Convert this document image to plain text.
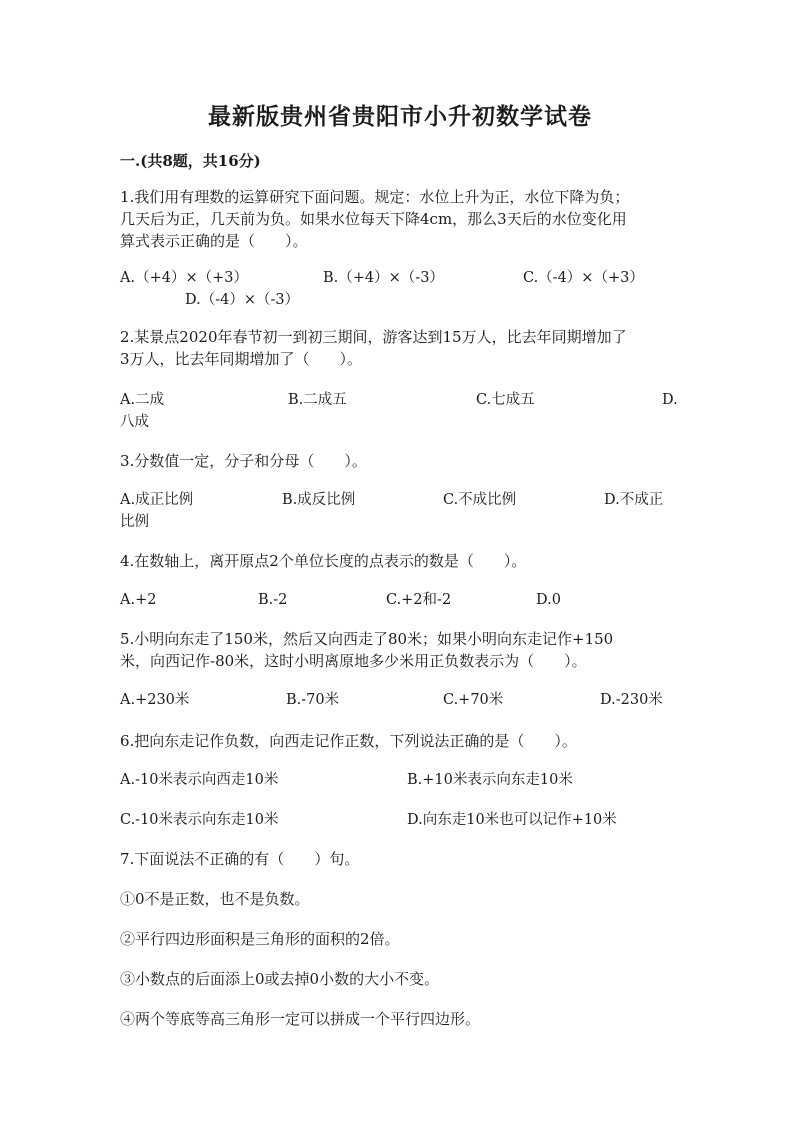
最新版贵州省贵阳市小升初数学试卷
一.(共8题，共16分)
1.我们用有理数的运算研究下面问题。规定：水位上升为正，水位下降为负；
几天后为正，几天前为负。如果水位每天下降4cm，那么3天后的水位变化用
算式表示正确的是（　　）。
A.（+4）×（+3）	B.（+4）×（-3）	C.（-4）×（+3）
D.（-4）×（-3）
2.某景点2020年春节初一到初三期间，游客达到15万人，比去年同期增加了
3万人，比去年同期增加了（　　）。
A.二成	B.二成五	C.七成五	D.
八成
3.分数值一定，分子和分母（　　）。
A.成正比例	B.成反比例	C.不成比例	D.不成正
比例
4.在数轴上，离开原点2个单位长度的点表示的数是（　　）。
A.+2	B.-2	C.+2和-2	D.0
5.小明向东走了150米，然后又向西走了80米；如果小明向东走记作+150
米，向西记作-80米，这时小明离原地多少米用正负数表示为（　　）。
A.+230米	B.-70米	C.+70米	D.-230米
6.把向东走记作负数，向西走记作正数，下列说法正确的是（　　）。
A.-10米表示向西走10米	B.+10米表示向东走10米
C.-10米表示向东走10米	D.向东走10米也可以记作+10米
7.下面说法不正确的有（　　）句。
①0不是正数，也不是负数。
②平行四边形面积是三角形的面积的2倍。
③小数点的后面添上0或去掉0小数的大小不变。
④两个等底等高三角形一定可以拼成一个平行四边形。
